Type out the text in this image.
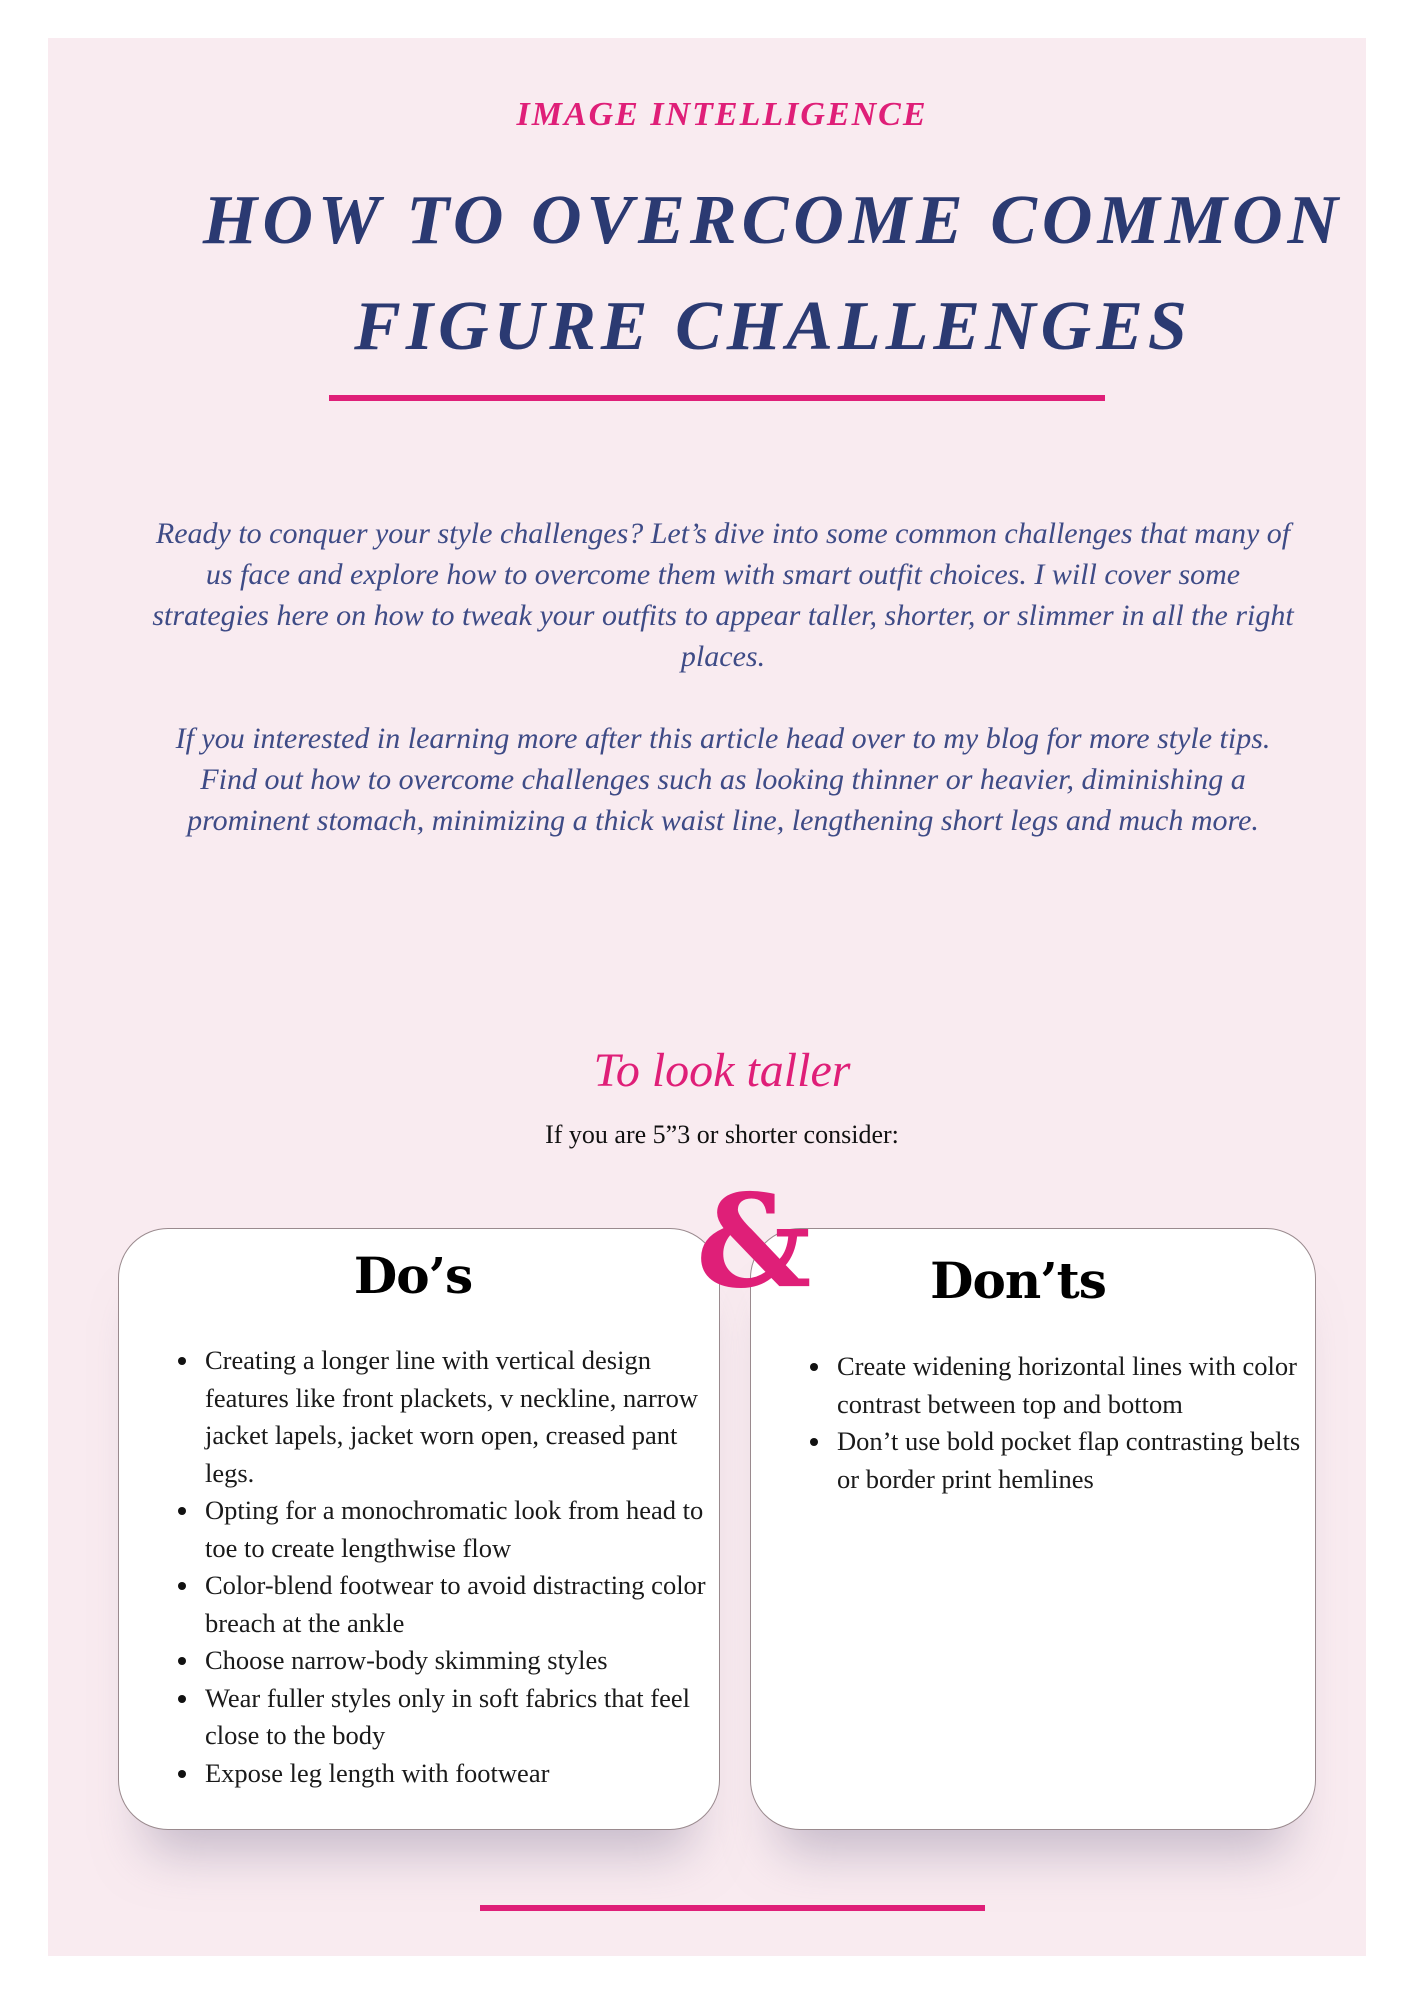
IMAGE INTELLIGENCE
HOW TO OVERCOME COMMON
FIGURE CHALLENGES

Ready to conquer your style challenges? Let’s dive into some common challenges that many of us face and explore how to overcome them with smart outfit choices. I will cover some strategies here on how to tweak your outfits to appear taller, shorter, or slimmer in all the right places.

If you interested in learning more after this article head over to my blog for more style tips. Find out how to overcome challenges such as looking thinner or heavier, diminishing a prominent stomach, minimizing a thick waist line, lengthening short legs and much more.

To look taller
If you are 5”3 or shorter consider:
Do’s
Creating a longer line with vertical design features like front plackets, v neckline, narrow jacket lapels, jacket worn open, creased pant legs.
Opting for a monochromatic look from head to toe to create lengthwise flow
Color-blend footwear to avoid distracting color breach at the ankle
Choose narrow-body skimming styles
Wear fuller styles only in soft fabrics that feel close to the body
Expose leg length with footwear
Don’ts
Create widening horizontal lines with color contrast between top and bottom
Don’t use bold pocket flap contrasting belts or border print hemlines
&
